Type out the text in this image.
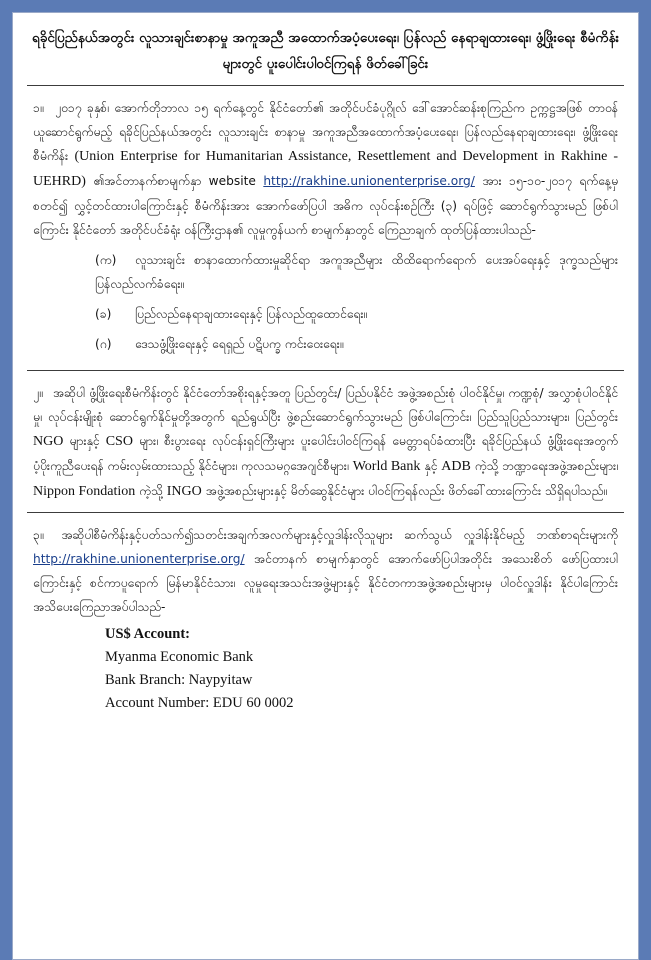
ရခိုင်ပြည်နယ်အတွင်း လူသားချင်းစာနာမှု အကူအညီ အထောက်အပံ့ပေးရေး၊ ပြန်လည် နေရာချထားရေး၊ ဖွံ့ဖြိုးရေး စီမံကိန်းများတွင် ပူးပေါင်းပါဝင်ကြရန် ဖိတ်ခေါ်ခြင်း

၁။ ၂၀၁၇ ခုနှစ်၊ အောက်တိုဘာလ ၁၅ ရက်နေ့တွင် နိုင်ငံတော်၏ အတိုင်ပင်ခံပုဂ္ဂိုလ် ဒေါ်အောင်ဆန်းစုကြည်က ဥက္ကဋ္ဌအဖြစ် တာဝန်ယူဆောင်ရွက်မည့် ရခိုင်ပြည်နယ်အတွင်း လူသားချင်း စာနာမှု အကူအညီအထောက်အပံ့ပေးရေး၊ ပြန်လည်နေရာချထားရေး၊ ဖွံ့ဖြိုးရေး စီမံကိန်း (Union Enterprise for Humanitarian Assistance, Resettlement and Development in Rakhine - UEHRD) ၏အင်တာနက်စာမျက်နှာ website http://rakhine.unionenterprise.org/ အား ၁၅-၁၀-၂၀၁၇ ရက်နေ့မှ စတင်၍ လွှင့်တင်ထားပါကြောင်းနှင့် စီမံကိန်းအား အောက်ဖော်ပြပါ အဓိက လုပ်ငန်းစဉ်ကြီး (၃) ရပ်ဖြင့် ဆောင်ရွက်သွားမည် ဖြစ်ပါကြောင်း နိုင်ငံတော် အတိုင်ပင်ခံရုံး ဝန်ကြီးဌာန၏ လူမှုကွန်ယက် စာမျက်နှာတွင် ကြေညာချက် ထုတ်ပြန်ထားပါသည်-

(က) လူသားချင်း စာနာထောက်ထားမှုဆိုင်ရာ အကူအညီများ ထိထိရောက်ရောက် ပေးအပ်ရေးနှင့် ဒုက္ခသည်များ ပြန်လည်လက်ခံရေး။
(ခ) ပြည်လည်နေရာချထားရေးနှင့် ပြန်လည်ထူထောင်ရေး။
(ဂ) ဒေသဖွံ့ဖြိုးရေးနှင့် ရေရှည် ပဋိပက္ခ ကင်းဝေးရေး။

၂။ အဆိုပါ ဖွံ့ဖြိုးရေးစီမံကိန်းတွင် နိုင်ငံတော်အစိုးရနှင့်အတူ ပြည်တွင်း/ ပြည်ပနိုင်ငံ အဖွဲ့အစည်းစုံ ပါဝင်နိုင်မှု၊ ကဏ္ဍစုံ/ အလွှာစုံပါဝင်နိုင်မှု၊ လုပ်ငန်းမျိုးစုံ ဆောင်ရွက်နိုင်မှုတို့အတွက် ရည်ရွယ်ပြီး ဖွဲ့စည်းဆောင်ရွက်သွားမည် ဖြစ်ပါကြောင်း၊ ပြည်သူပြည်သားများ၊ ပြည်တွင်း NGO များနှင့် CSO များ၊ စီးပွားရေး လုပ်ငန်းရှင်ကြီးများ ပူးပေါင်းပါဝင်ကြရန် မေတ္တာရပ်ခံထားပြီး ရခိုင်ပြည်နယ် ဖွံ့ဖြိုးရေးအတွက် ပံ့ပိုးကူညီပေးရန် ကမ်းလှမ်းထားသည့် နိုင်ငံများ၊ ကုလသမဂ္ဂအေဂျင်စီများ၊ World Bank နှင့် ADB ကဲ့သို့ ဘဏ္ဍာရေးအဖွဲ့အစည်းများ၊ Nippon Fondation ကဲ့သို့ INGO အဖွဲ့အစည်းများနှင့် မိတ်ဆွေနိုင်ငံများ ပါဝင်ကြရန်လည်း ဖိတ်ခေါ်ထားကြောင်း သိရှိရပါသည်။

၃။ အဆိုပါစီမံကိန်းနှင့်ပတ်သက်၍သတင်းအချက်အလက်များနှင့်လှူဒါန်းလိုသူများ ဆက်သွယ် လှူဒါန်းနိုင်မည့် ဘဏ်စာရင်းများကို http://rakhine.unionenterprise.org/ အင်တာနက် စာမျက်နှာတွင် အောက်ဖော်ပြပါအတိုင်း အသေးစိတ် ဖော်ပြထားပါကြောင်းနှင့် စင်ကာပူရောက် မြန်မာနိုင်ငံသား၊ လူမှုရေးအသင်းအဖွဲ့များနှင့် နိုင်ငံတကာအဖွဲ့အစည်းများမှ ပါဝင်လှူဒါန်း နိုင်ပါကြောင်း အသိပေးကြေညာအပ်ပါသည်-

US$ Account:
Myanma Economic Bank
Bank Branch: Naypyitaw
Account Number: EDU 60 0002
